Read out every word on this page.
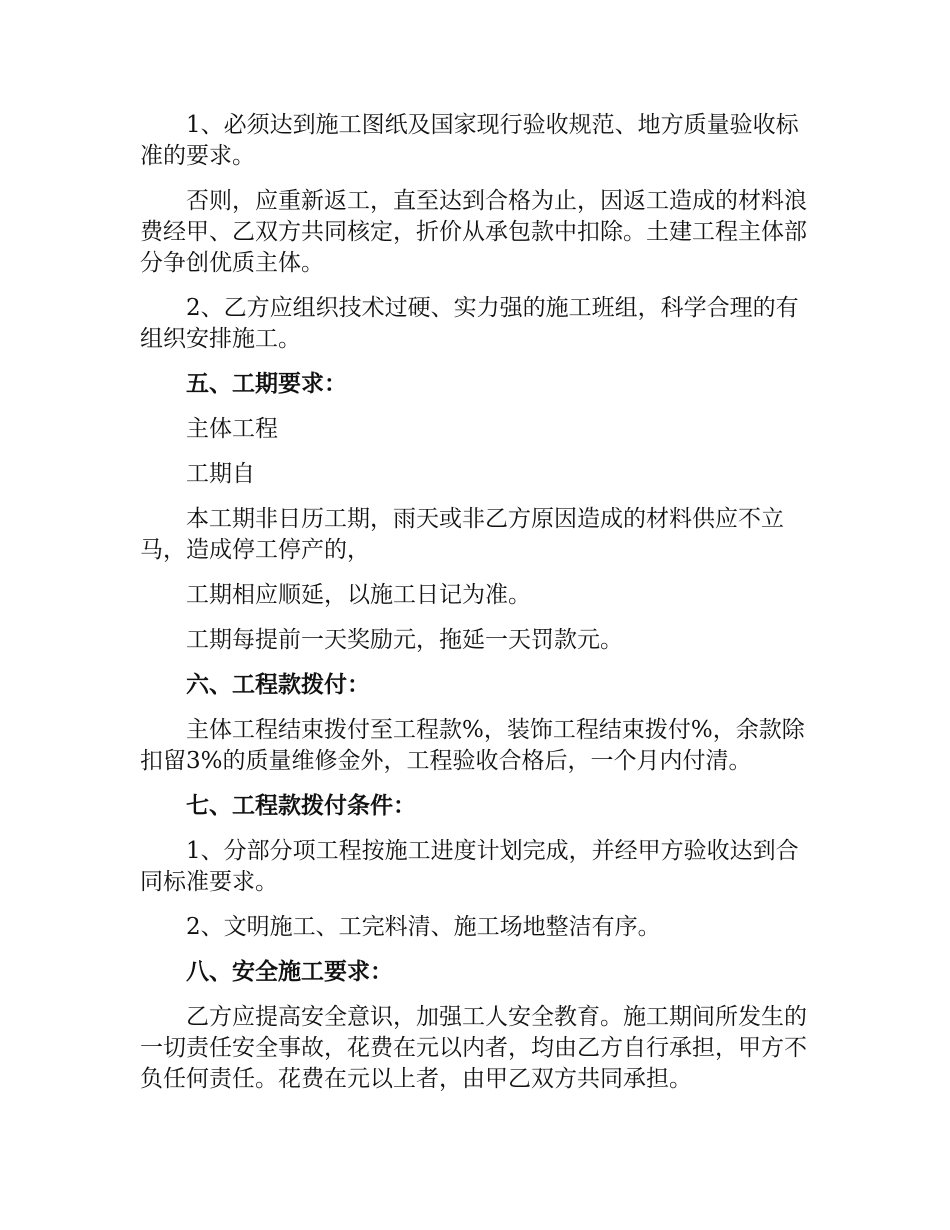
1、必须达到施工图纸及国家现行验收规范、地方质量验收标准的要求。

否则，应重新返工，直至达到合格为止，因返工造成的材料浪费经甲、乙双方共同核定，折价从承包款中扣除。土建工程主体部分争创优质主体。

2、乙方应组织技术过硬、实力强的施工班组，科学合理的有组织安排施工。

五、工期要求：

主体工程

工期自

本工期非日历工期，雨天或非乙方原因造成的材料供应不立马，造成停工停产的，

工期相应顺延，以施工日记为准。

工期每提前一天奖励元，拖延一天罚款元。

六、工程款拨付：

主体工程结束拨付至工程款%，装饰工程结束拨付%，余款除扣留3%的质量维修金外，工程验收合格后，一个月内付清。

七、工程款拨付条件：

1、分部分项工程按施工进度计划完成，并经甲方验收达到合同标准要求。

2、文明施工、工完料清、施工场地整洁有序。

八、安全施工要求：

乙方应提高安全意识，加强工人安全教育。施工期间所发生的一切责任安全事故，花费在元以内者，均由乙方自行承担，甲方不负任何责任。花费在元以上者，由甲乙双方共同承担。
